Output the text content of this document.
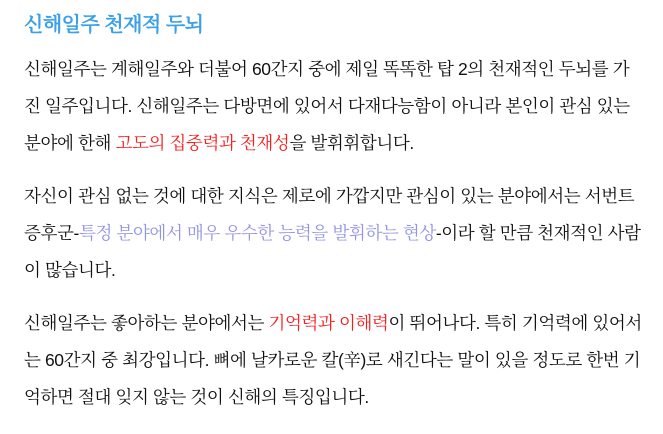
신해일주 천재적 두뇌

신해일주는 계해일주와 더불어 60간지 중에 제일 똑똑한 탑 2의 천재적인 두뇌를 가진 일주입니다. 신해일주는 다방면에 있어서 다재다능함이 아니라 본인이 관심 있는 분야에 한해 고도의 집중력과 천재성을 발휘휘합니다.

자신이 관심 없는 것에 대한 지식은 제로에 가깝지만 관심이 있는 분야에서는 서번트 증후군-특정 분야에서 매우 우수한 능력을 발휘하는 현상-이라 할 만큼 천재적인 사람이 많습니다.

신해일주는 좋아하는 분야에서는 기억력과 이해력이 뛰어나다. 특히 기억력에 있어서는 60간지 중 최강입니다. 뼈에 날카로운 칼(辛)로 새긴다는 말이 있을 정도로 한번 기억하면 절대 잊지 않는 것이 신해의 특징입니다.
